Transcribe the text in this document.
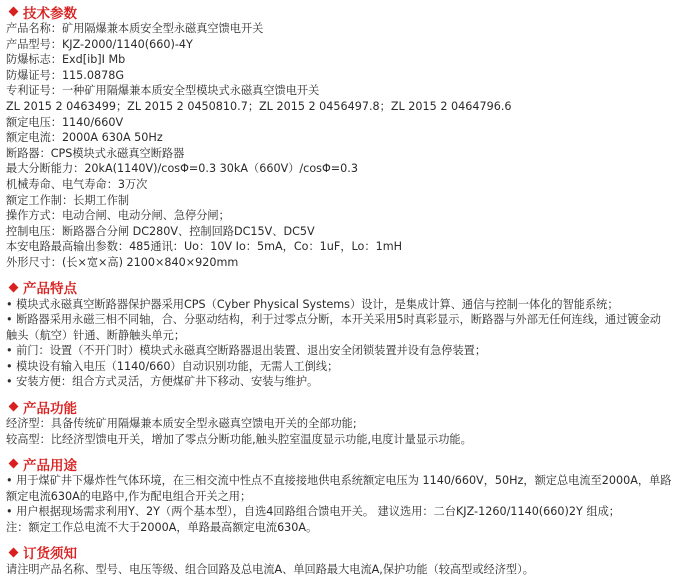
技术参数
产品名称：矿用隔爆兼本质安全型永磁真空馈电开关
产品型号：KJZ-2000/1140(660)-4Y
防爆标志：Exd[ib]I Mb
防爆证号：115.0878G
专利证号：一种矿用隔爆兼本质安全型模块式永磁真空馈电开关
ZL 2015 2 0463499；ZL 2015 2 0450810.7；ZL 2015 2 0456497.8；ZL 2015 2 0464796.6
额定电压：1140/660V
额定电流：2000A 630A 50Hz
断路器：CPS模块式永磁真空断路器
最大分断能力：20kA(1140V)/cosΦ=0.3 30kA（660V）/cosΦ=0.3
机械寿命、电气寿命：3万次
额定工作制：长期工作制
操作方式：电动合闸、电动分闸、急停分闸；
控制电压：断路器合分闸 DC280V、控制回路DC15V、DC5V
本安电路最高输出参数：485通讯：Uo：10V Io：5mA，Co：1uF，Lo：1mH
外形尺寸：(长×宽×高) 2100×840×920mm
产品特点
• 模块式永磁真空断路器保护器采用CPS（Cyber Physical Systems）设计，是集成计算、通信与控制一体化的智能系统；
• 断路器采用永磁三相不同轴，合、分驱动结构，利于过零点分断，本开关采用5时真彩显示，断路器与外部无任何连线，通过镀金动
触头（航空）针通、断静触头单元；
• 前门：设置（不开门时）模块式永磁真空断路器退出装置、退出安全闭锁装置并设有急停装置；
• 模块设有输入电压（1140/660）自动识别功能，无需人工倒线；
• 安装方便：组合方式灵活，方便煤矿井下移动、安装与维护。
产品功能
经济型：具备传统矿用隔爆兼本质安全型永磁真空馈电开关的全部功能;
较高型：比经济型馈电开关，增加了零点分断功能,触头腔室温度显示功能,电度计量显示功能。
产品用途
• 用于煤矿井下爆炸性气体环境，在三相交流中性点不直接接地供电系统额定电压为 1140/660V，50Hz，额定总电流至2000A，单路
额定电流630A的电路中,作为配电组合开关之用；
• 用户根据现场需求利用Y、2Y（两个基本型），自选4回路组合馈电开关。 建议选用：二台KJZ-1260/1140(660)2Y 组成；
注：额定工作总电流不大于2000A，单路最高额定电流630A。
订货须知
请注明产品名称、型号、电压等级、组合回路及总电流A、单回路最大电流A,保护功能（较高型或经济型）。
